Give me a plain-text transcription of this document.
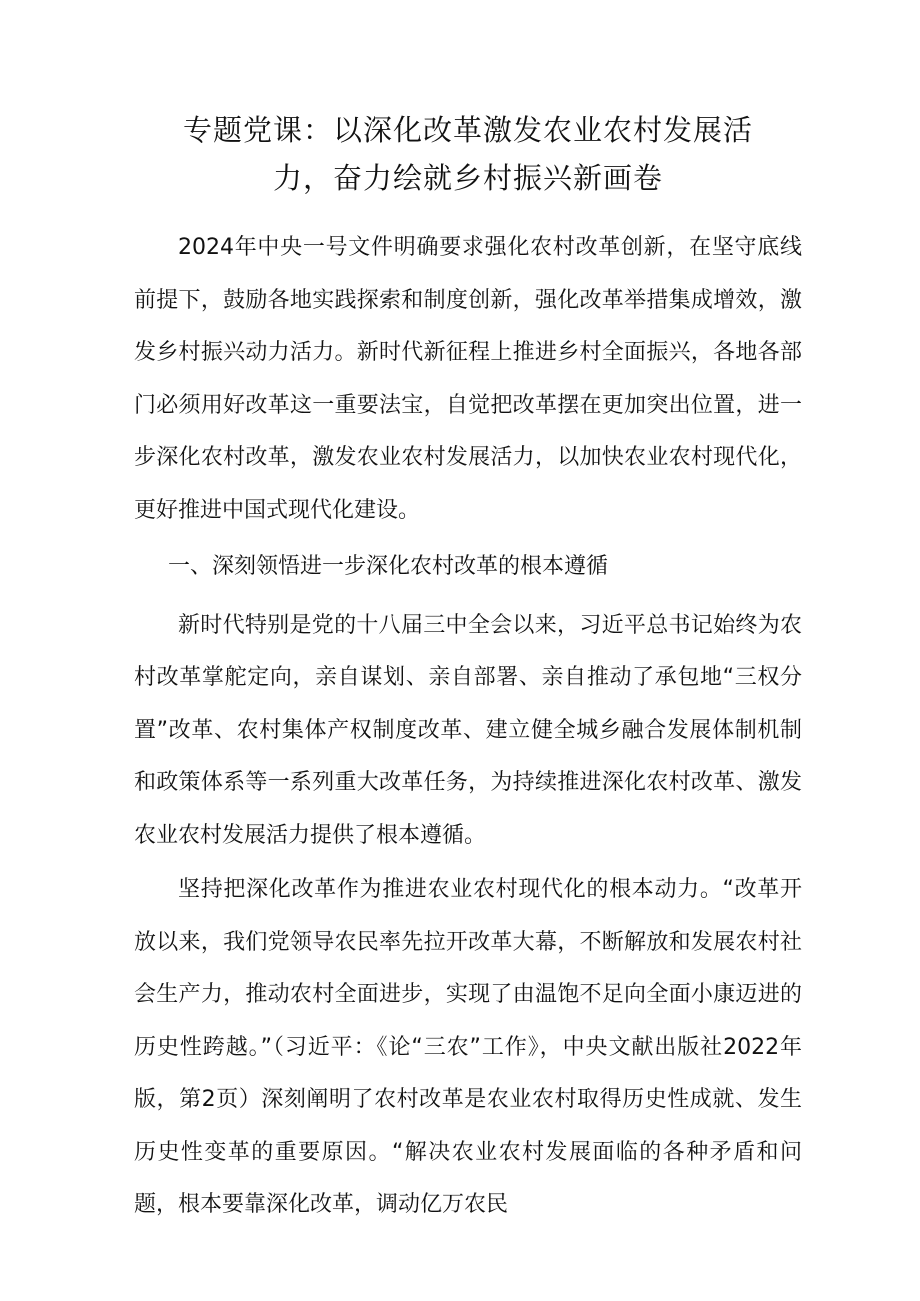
专题党课：以深化改革激发农业农村发展活
力，奋力绘就乡村振兴新画卷

2024年中央一号文件明确要求强化农村改革创新，在坚守底线前提下，鼓励各地实践探索和制度创新，强化改革举措集成增效，激发乡村振兴动力活力。新时代新征程上推进乡村全面振兴，各地各部门必须用好改革这一重要法宝，自觉把改革摆在更加突出位置，进一步深化农村改革，激发农业农村发展活力，以加快农业农村现代化，更好推进中国式现代化建设。

一、深刻领悟进一步深化农村改革的根本遵循

新时代特别是党的十八届三中全会以来，习近平总书记始终为农村改革掌舵定向，亲自谋划、亲自部署、亲自推动了承包地“三权分置”改革、农村集体产权制度改革、建立健全城乡融合发展体制机制和政策体系等一系列重大改革任务，为持续推进深化农村改革、激发农业农村发展活力提供了根本遵循。

坚持把深化改革作为推进农业农村现代化的根本动力。“改革开放以来，我们党领导农民率先拉开改革大幕，不断解放和发展农村社会生产力，推动农村全面进步，实现了由温饱不足向全面小康迈进的历史性跨越。”（习近平：《论“三农”工作》，中央文献出版社2022年版，第2页）深刻阐明了农村改革是农业农村取得历史性成就、发生历史性变革的重要原因。“解决农业农村发展面临的各种矛盾和问题，根本要靠深化改革，调动亿万农民
